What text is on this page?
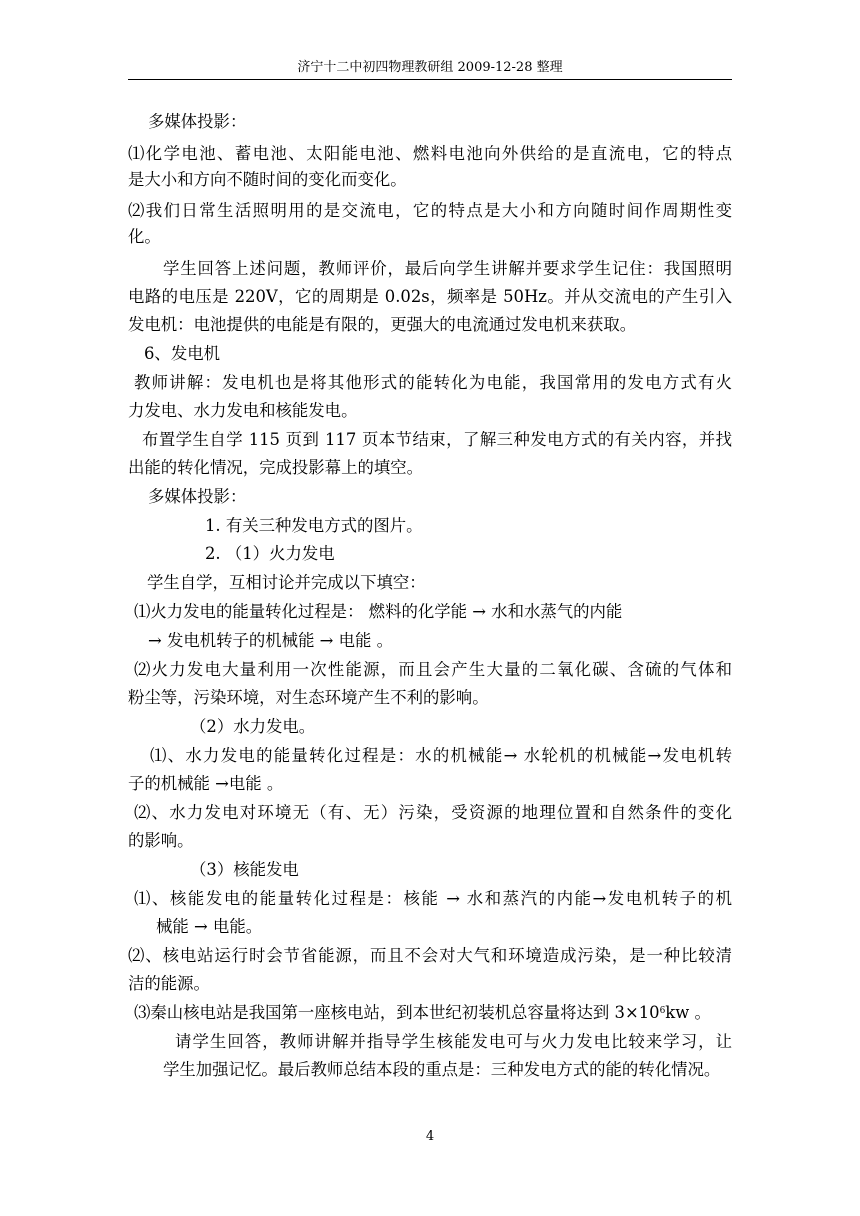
济宁十二中初四物理教研组 2009-12-28 整理
多媒体投影：
⑴化学电池、蓄电池、太阳能电池、燃料电池向外供给的是直流电，它的特点
是大小和方向不随时间的变化而变化。
⑵我们日常生活照明用的是交流电，它的特点是大小和方向随时间作周期性变
化。
学生回答上述问题，教师评价，最后向学生讲解并要求学生记住：我国照明
电路的电压是 220V，它的周期是 0.02s，频率是 50Hz。并从交流电的产生引入
发电机：电池提供的电能是有限的，更强大的电流通过发电机来获取。
6、发电机
教师讲解：发电机也是将其他形式的能转化为电能，我国常用的发电方式有火
力发电、水力发电和核能发电。
布置学生自学 115 页到 117 页本节结束，了解三种发电方式的有关内容，并找
出能的转化情况，完成投影幕上的填空。
多媒体投影：
1. 有关三种发电方式的图片。
2. （1）火力发电
学生自学，互相讨论并完成以下填空：
⑴火力发电的能量转化过程是： 燃料的化学能 → 水和水蒸气的内能
→ 发电机转子的机械能 → 电能 。
⑵火力发电大量利用一次性能源，而且会产生大量的二氧化碳、含硫的气体和
粉尘等，污染环境，对生态环境产生不利的影响。
（2）水力发电。
⑴、水力发电的能量转化过程是：水的机械能→ 水轮机的机械能→发电机转
子的机械能 →电能 。
⑵、水力发电对环境无（有、无）污染，受资源的地理位置和自然条件的变化
的影响。
（3）核能发电
⑴、核能发电的能量转化过程是：核能 → 水和蒸汽的内能→发电机转子的机
械能 → 电能。
⑵、核电站运行时会节省能源，而且不会对大气和环境造成污染，是一种比较清
洁的能源。
⑶秦山核电站是我国第一座核电站，到本世纪初装机总容量将达到 $3\times 10^6kw$ 。
请学生回答，教师讲解并指导学生核能发电可与火力发电比较来学习，让
学生加强记忆。最后教师总结本段的重点是：三种发电方式的能的转化情况。
4
